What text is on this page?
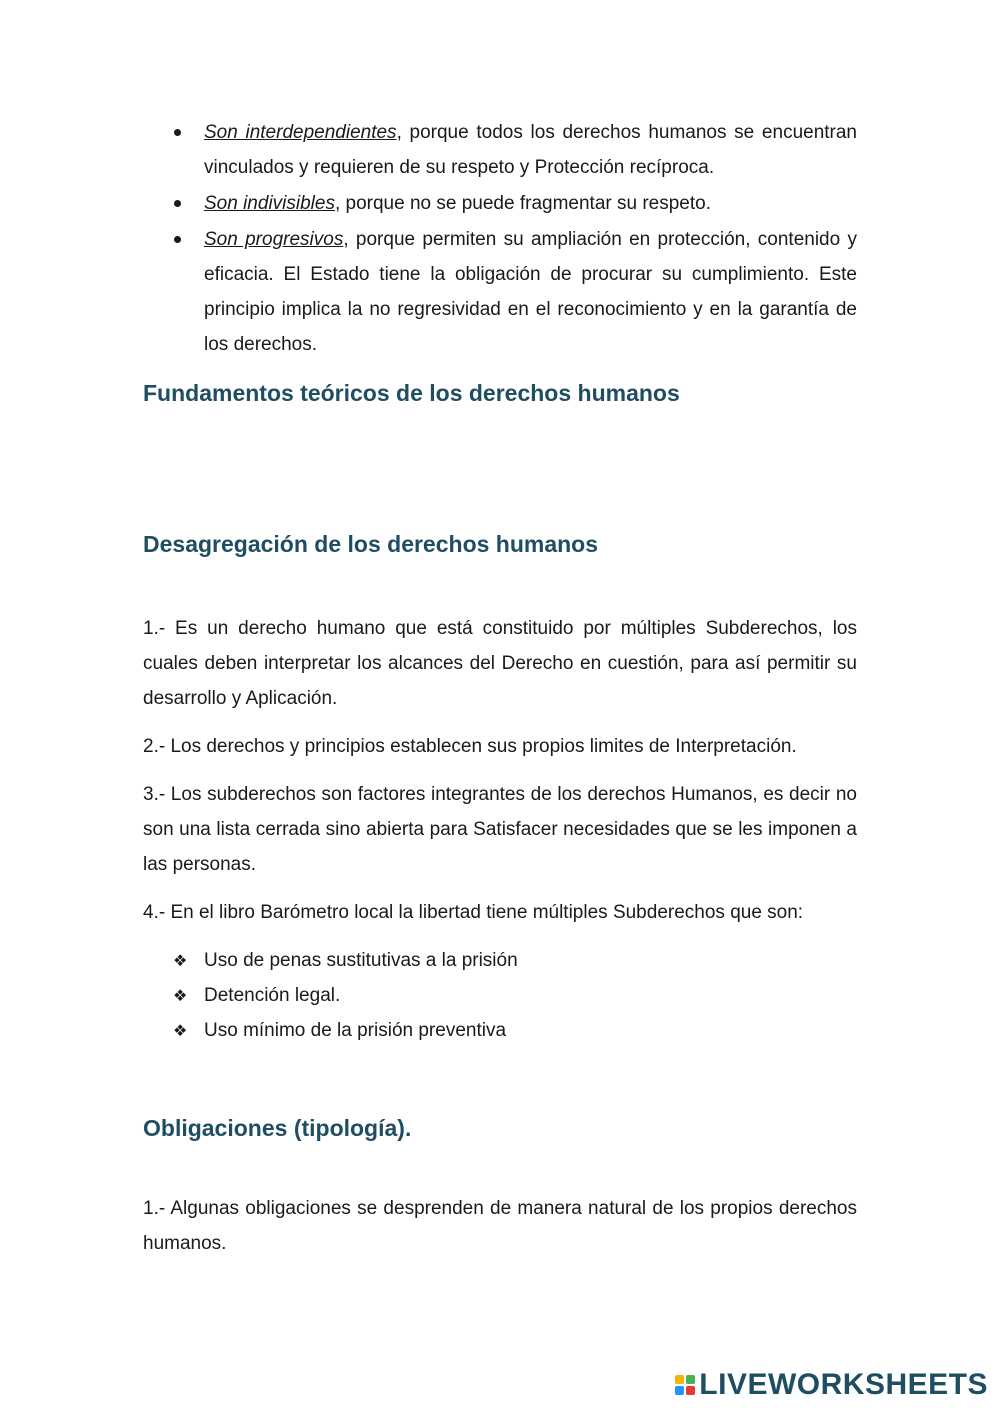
Son interdependientes, porque todos los derechos humanos se encuentran vinculados y requieren de su respeto y Protección recíproca.
Son indivisibles, porque no se puede fragmentar su respeto.
Son progresivos, porque permiten su ampliación en protección, contenido y eficacia. El Estado tiene la obligación de procurar su cumplimiento. Este principio implica la no regresividad en el reconocimiento y en la garantía de los derechos.
Fundamentos teóricos de los derechos humanos
Desagregación de los derechos humanos

1.- Es un derecho humano que está constituido por múltiples Subderechos, los cuales deben interpretar los alcances del Derecho en cuestión, para así permitir su desarrollo y Aplicación.

2.- Los derechos y principios establecen sus propios limites de Interpretación.

3.- Los subderechos son factores integrantes de los derechos Humanos, es decir no son una lista cerrada sino abierta para Satisfacer necesidades que se les imponen a las personas.

4.- En el libro Barómetro local la libertad tiene múltiples Subderechos que son:

❖ Uso de penas sustitutivas a la prisión
❖ Detención legal.
❖ Uso mínimo de la prisión preventiva
Obligaciones (tipología).

1.- Algunas obligaciones se desprenden de manera natural de los propios derechos humanos.

LIVEWORKSHEETS
